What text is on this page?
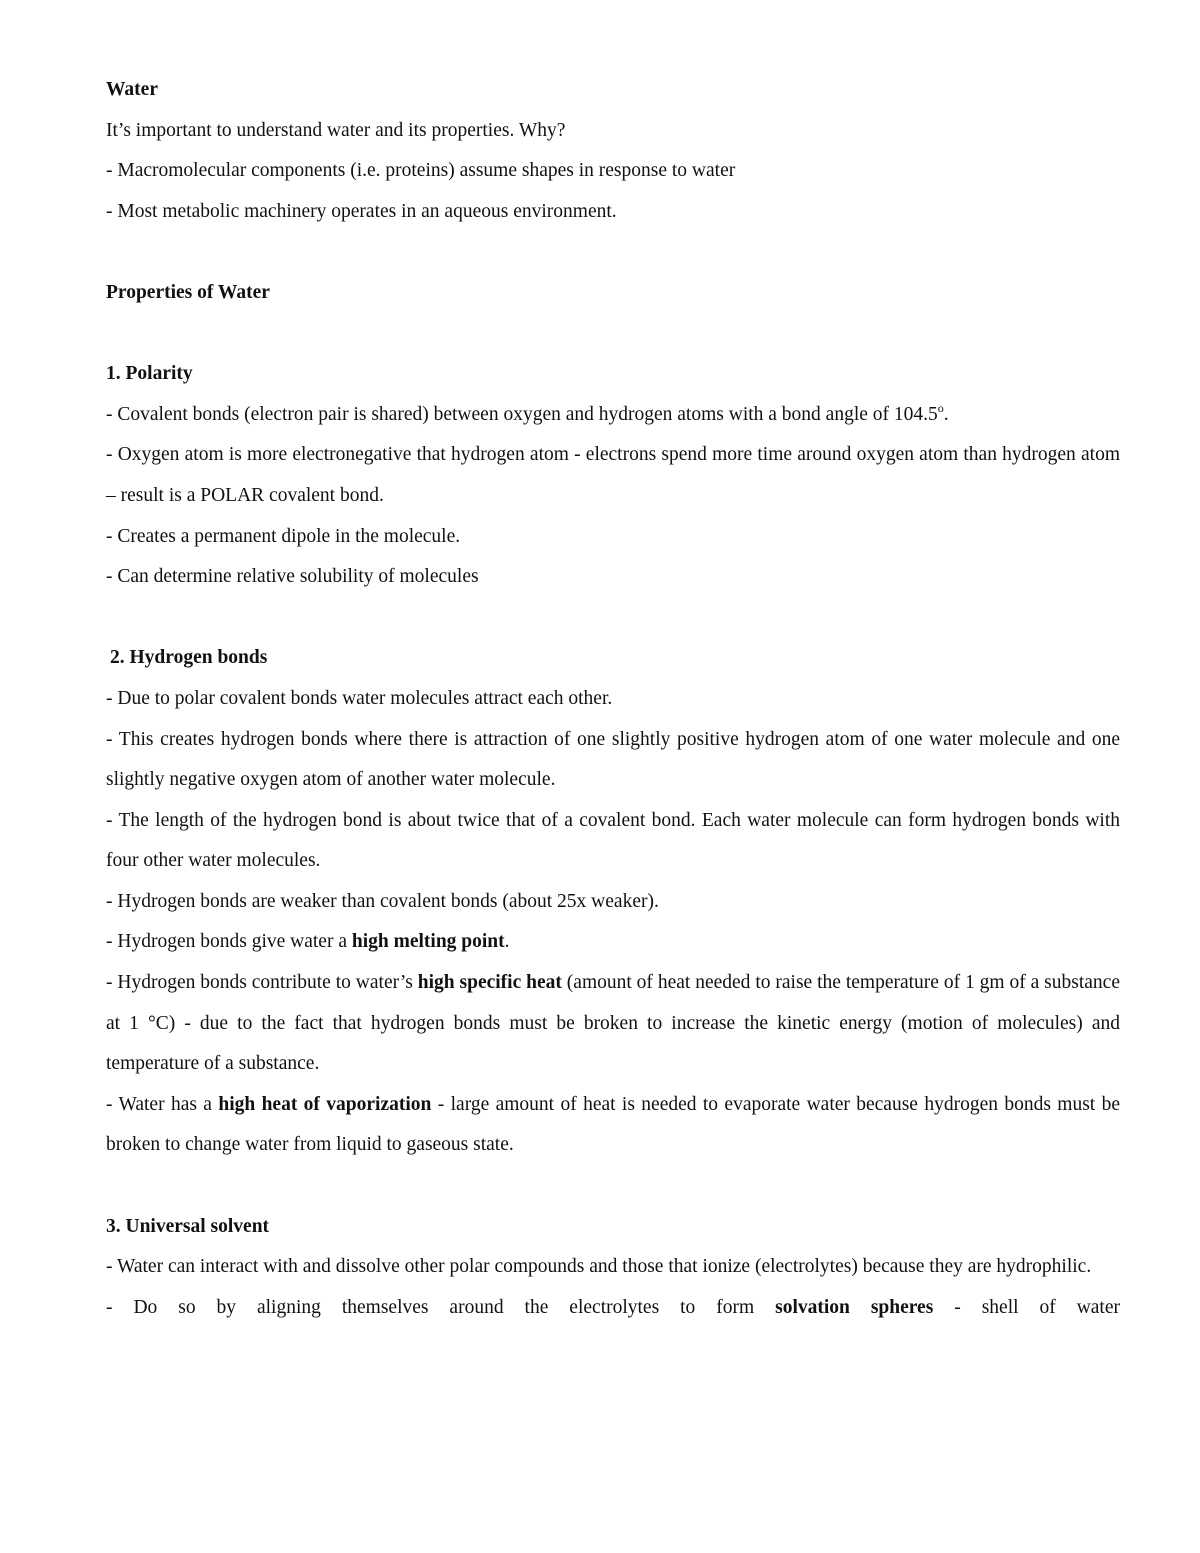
Water
It’s important to understand water and its properties. Why?
- Macromolecular components (i.e. proteins) assume shapes in response to water
- Most metabolic machinery operates in an aqueous environment.
Properties of Water
1. Polarity

- Covalent bonds (electron pair is shared) between oxygen and hydrogen atoms with a bond angle of 104.5$^o$.

- Oxygen atom is more electronegative that hydrogen atom - electrons spend more time around oxygen atom than hydrogen atom – result is a POLAR covalent bond.

- Creates a permanent dipole in the molecule.

- Can determine relative solubility of molecules

2. Hydrogen bonds

- Due to polar covalent bonds water molecules attract each other.

- This creates hydrogen bonds where there is attraction of one slightly positive hydrogen atom of one water molecule and one slightly negative oxygen atom of another water molecule.

- The length of the hydrogen bond is about twice that of a covalent bond. Each water molecule can form hydrogen bonds with four other water molecules.

- Hydrogen bonds are weaker than covalent bonds (about 25x weaker).

- Hydrogen bonds give water a high melting point.

- Hydrogen bonds contribute to water’s high specific heat (amount of heat needed to raise the temperature of 1 gm of a substance at 1 °C) - due to the fact that hydrogen bonds must be broken to increase the kinetic energy (motion of molecules) and temperature of a substance.

- Water has a high heat of vaporization - large amount of heat is needed to evaporate water because hydrogen bonds must be broken to change water from liquid to gaseous state.

3. Universal solvent

- Water can interact with and dissolve other polar compounds and those that ionize (electrolytes) because they are hydrophilic.

- Do so by aligning themselves around the electrolytes to form solvation spheres - shell of water
